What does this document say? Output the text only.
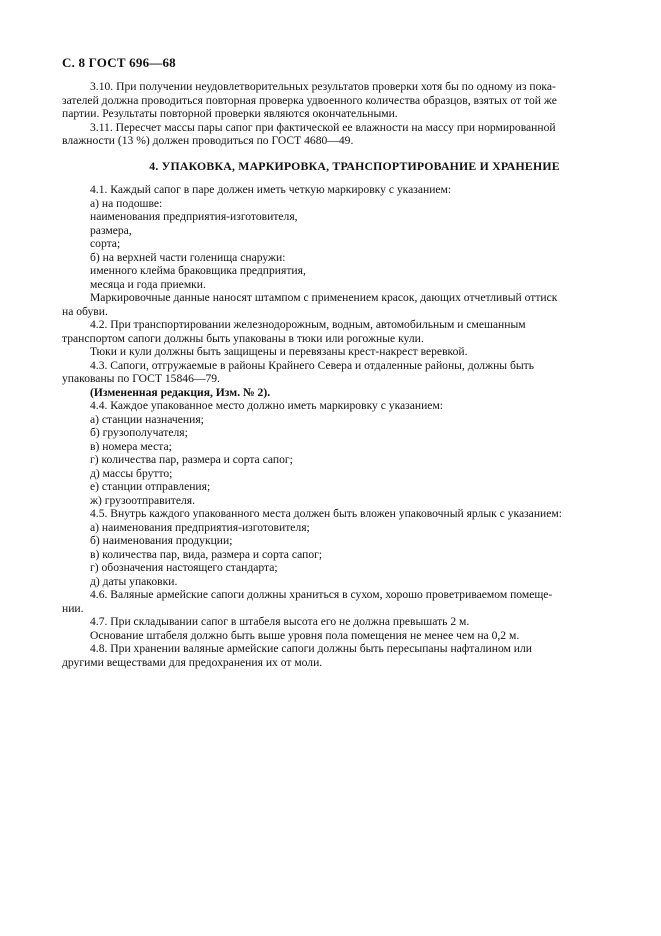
С. 8 ГОСТ 696—68
3.10. При получении неудовлетворительных результатов проверки хотя бы по одному из пока-
зателей должна проводиться повторная проверка удвоенного количества образцов, взятых от той же
партии. Результаты повторной проверки являются окончательными.
3.11. Пересчет массы пары сапог при фактической ее влажности на массу при нормированной
влажности (13 %) должен проводиться по ГОСТ 4680—49.
4. УПАКОВКА, МАРКИРОВКА, ТРАНСПОРТИРОВАНИЕ И ХРАНЕНИЕ
4.1. Каждый сапог в паре должен иметь четкую маркировку с указанием:
а) на подошве:
наименования предприятия-изготовителя,
размера,
сорта;
б) на верхней части голенища снаружи:
именного клейма браковщика предприятия,
месяца и года приемки.
Маркировочные данные наносят штампом с применением красок, дающих отчетливый оттиск
на обуви.
4.2. При транспортировании железнодорожным, водным, автомобильным и смешанным
транспортом сапоги должны быть упакованы в тюки или рогожные кули.
Тюки и кули должны быть защищены и перевязаны крест-накрест веревкой.
4.3. Сапоги, отгружаемые в районы Крайнего Севера и отдаленные районы, должны быть
упакованы по ГОСТ 15846—79.
(Измененная редакция, Изм. № 2).
4.4. Каждое упакованное место должно иметь маркировку с указанием:
а) станции назначения;
б) грузополучателя;
в) номера места;
г) количества пар, размера и сорта сапог;
д) массы брутто;
е) станции отправления;
ж) грузоотправителя.
4.5. Внутрь каждого упакованного места должен быть вложен упаковочный ярлык с указанием:
а) наименования предприятия-изготовителя;
б) наименования продукции;
в) количества пар, вида, размера и сорта сапог;
г) обозначения настоящего стандарта;
д) даты упаковки.
4.6. Валяные армейские сапоги должны храниться в сухом, хорошо проветриваемом помеще-
нии.
4.7. При складывании сапог в штабеля высота его не должна превышать 2 м.
Основание штабеля должно быть выше уровня пола помещения не менее чем на 0,2 м.
4.8. При хранении валяные армейские сапоги должны быть пересыпаны нафталином или
другими веществами для предохранения их от моли.
